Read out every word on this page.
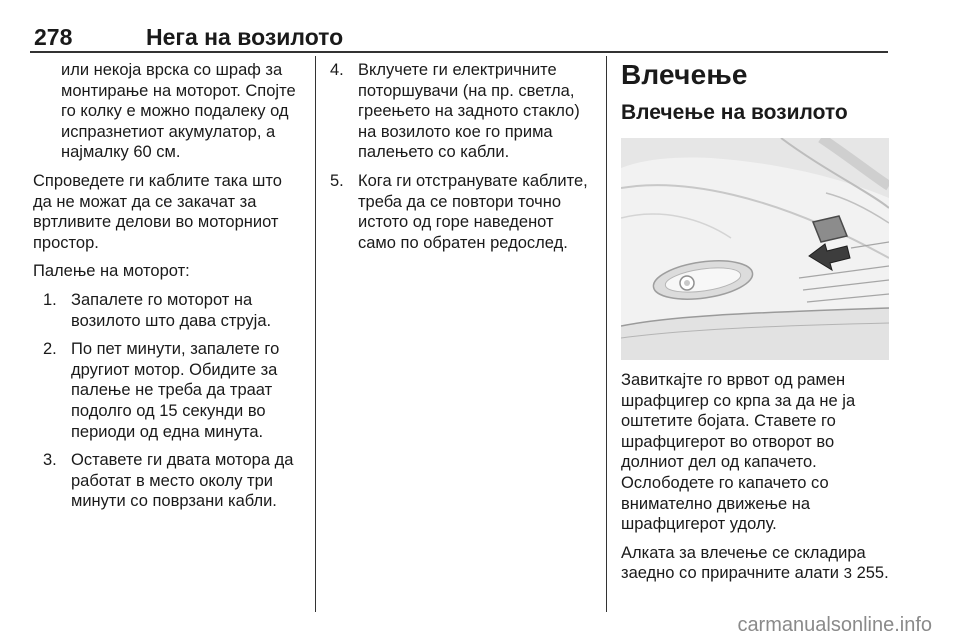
278	Нега на возилото

или некоја врска со шраф за монтирање на моторот. Спојте го колку е можно подалеку од испразнетиот акумулатор, а најмалку 60 см.

Спроведете ги каблите така што да не можат да се закачат за вртливите делови во моторниот простор.

Палење на моторот:

1. Запалете го моторот на возилото што дава струја.
2. По пет минути, запалете го другиот мотор. Обидите за палење не треба да траат подолго од 15 секунди во периоди од една минута.
3. Оставете ги двата мотора да работат в место околу три минути со поврзани кабли.
4. Вклучете ги електричните поторшувачи (на пр. светла, греењето на задното стакло) на возилото кое го прима палењето со кабли.
5. Кога ги отстранувате каблите, треба да се повтори точно истото од горе наведенот само по обратен редослед.
Влечење
Влечење на возилото

Завиткајте го врвот од рамен шрафцигер со крпа за да не ја оштетите бојата. Ставете го шрафцигерот во отворот во долниот дел од капачето. Ослободете го капачето со внимателно движење на шрафцигерот удолу.

Алката за влечење се складира заедно со прирачните алати 3 255.

carmanualsonline.info
